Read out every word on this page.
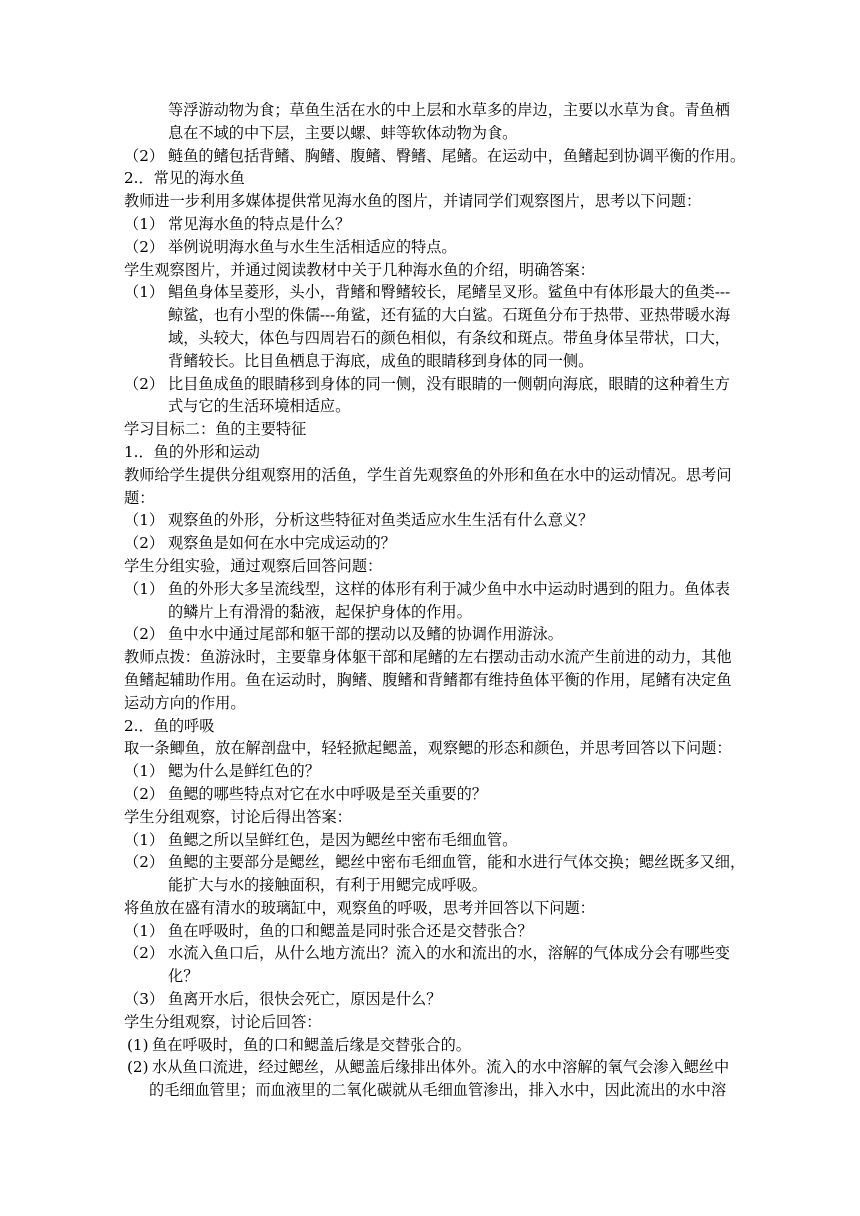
等浮游动物为食；草鱼生活在水的中上层和水草多的岸边，主要以水草为食。青鱼栖
息在不域的中下层，主要以螺、蚌等软体动物为食。
（2） 鲢鱼的鳍包括背鳍、胸鳍、腹鳍、臀鳍、尾鳍。在运动中，鱼鳍起到协调平衡的作用。
2.．常见的海水鱼
教师进一步利用多媒体提供常见海水鱼的图片，并请同学们观察图片，思考以下问题：
（1） 常见海水鱼的特点是什么？
（2） 举例说明海水鱼与水生生活相适应的特点。
学生观察图片，并通过阅读教材中关于几种海水鱼的介绍，明确答案：
（1） 鲳鱼身体呈菱形，头小，背鳍和臀鳍较长，尾鳍呈叉形。鲨鱼中有体形最大的鱼类---
鲸鲨，也有小型的侏儒---角鲨，还有猛的大白鲨。石斑鱼分布于热带、亚热带暖水海
域，头较大，体色与四周岩石的颜色相似，有条纹和斑点。带鱼身体呈带状，口大，
背鳍较长。比目鱼栖息于海底，成鱼的眼睛移到身体的同一侧。
（2） 比目鱼成鱼的眼睛移到身体的同一侧，没有眼睛的一侧朝向海底，眼睛的这种着生方
式与它的生活环境相适应。
学习目标二：鱼的主要特征
1.．鱼的外形和运动
教师给学生提供分组观察用的活鱼，学生首先观察鱼的外形和鱼在水中的运动情况。思考问
题：
（1） 观察鱼的外形，分析这些特征对鱼类适应水生生活有什么意义？
（2） 观察鱼是如何在水中完成运动的？
学生分组实验，通过观察后回答问题：
（1） 鱼的外形大多呈流线型，这样的体形有利于减少鱼中水中运动时遇到的阻力。鱼体表
的鳞片上有滑滑的黏液，起保护身体的作用。
（2） 鱼中水中通过尾部和躯干部的摆动以及鳍的协调作用游泳。
教师点拨：鱼游泳时，主要靠身体躯干部和尾鳍的左右摆动击动水流产生前进的动力，其他
鱼鳍起辅助作用。鱼在运动时，胸鳍、腹鳍和背鳍都有维持鱼体平衡的作用，尾鳍有决定鱼
运动方向的作用。
2.．鱼的呼吸
取一条鲫鱼，放在解剖盘中，轻轻掀起鳃盖，观察鳃的形态和颜色，并思考回答以下问题：
（1） 鳃为什么是鲜红色的？
（2） 鱼鳃的哪些特点对它在水中呼吸是至关重要的？
学生分组观察，讨论后得出答案：
（1） 鱼鳃之所以呈鲜红色，是因为鳃丝中密布毛细血管。
（2） 鱼鳃的主要部分是鳃丝，鳃丝中密布毛细血管，能和水进行气体交换；鳃丝既多又细，
能扩大与水的接触面积，有利于用鳃完成呼吸。
将鱼放在盛有清水的玻璃缸中，观察鱼的呼吸，思考并回答以下问题：
（1） 鱼在呼吸时，鱼的口和鳃盖是同时张合还是交替张合？
（2） 水流入鱼口后，从什么地方流出？流入的水和流出的水，溶解的气体成分会有哪些变
化？
（3） 鱼离开水后，很快会死亡，原因是什么？
学生分组观察，讨论后回答：
(1) 鱼在呼吸时，鱼的口和鳃盖后缘是交替张合的。
(2) 水从鱼口流进，经过鳃丝，从鳃盖后缘排出体外。流入的水中溶解的氧气会渗入鳃丝中
的毛细血管里；而血液里的二氧化碳就从毛细血管渗出，排入水中，因此流出的水中溶
